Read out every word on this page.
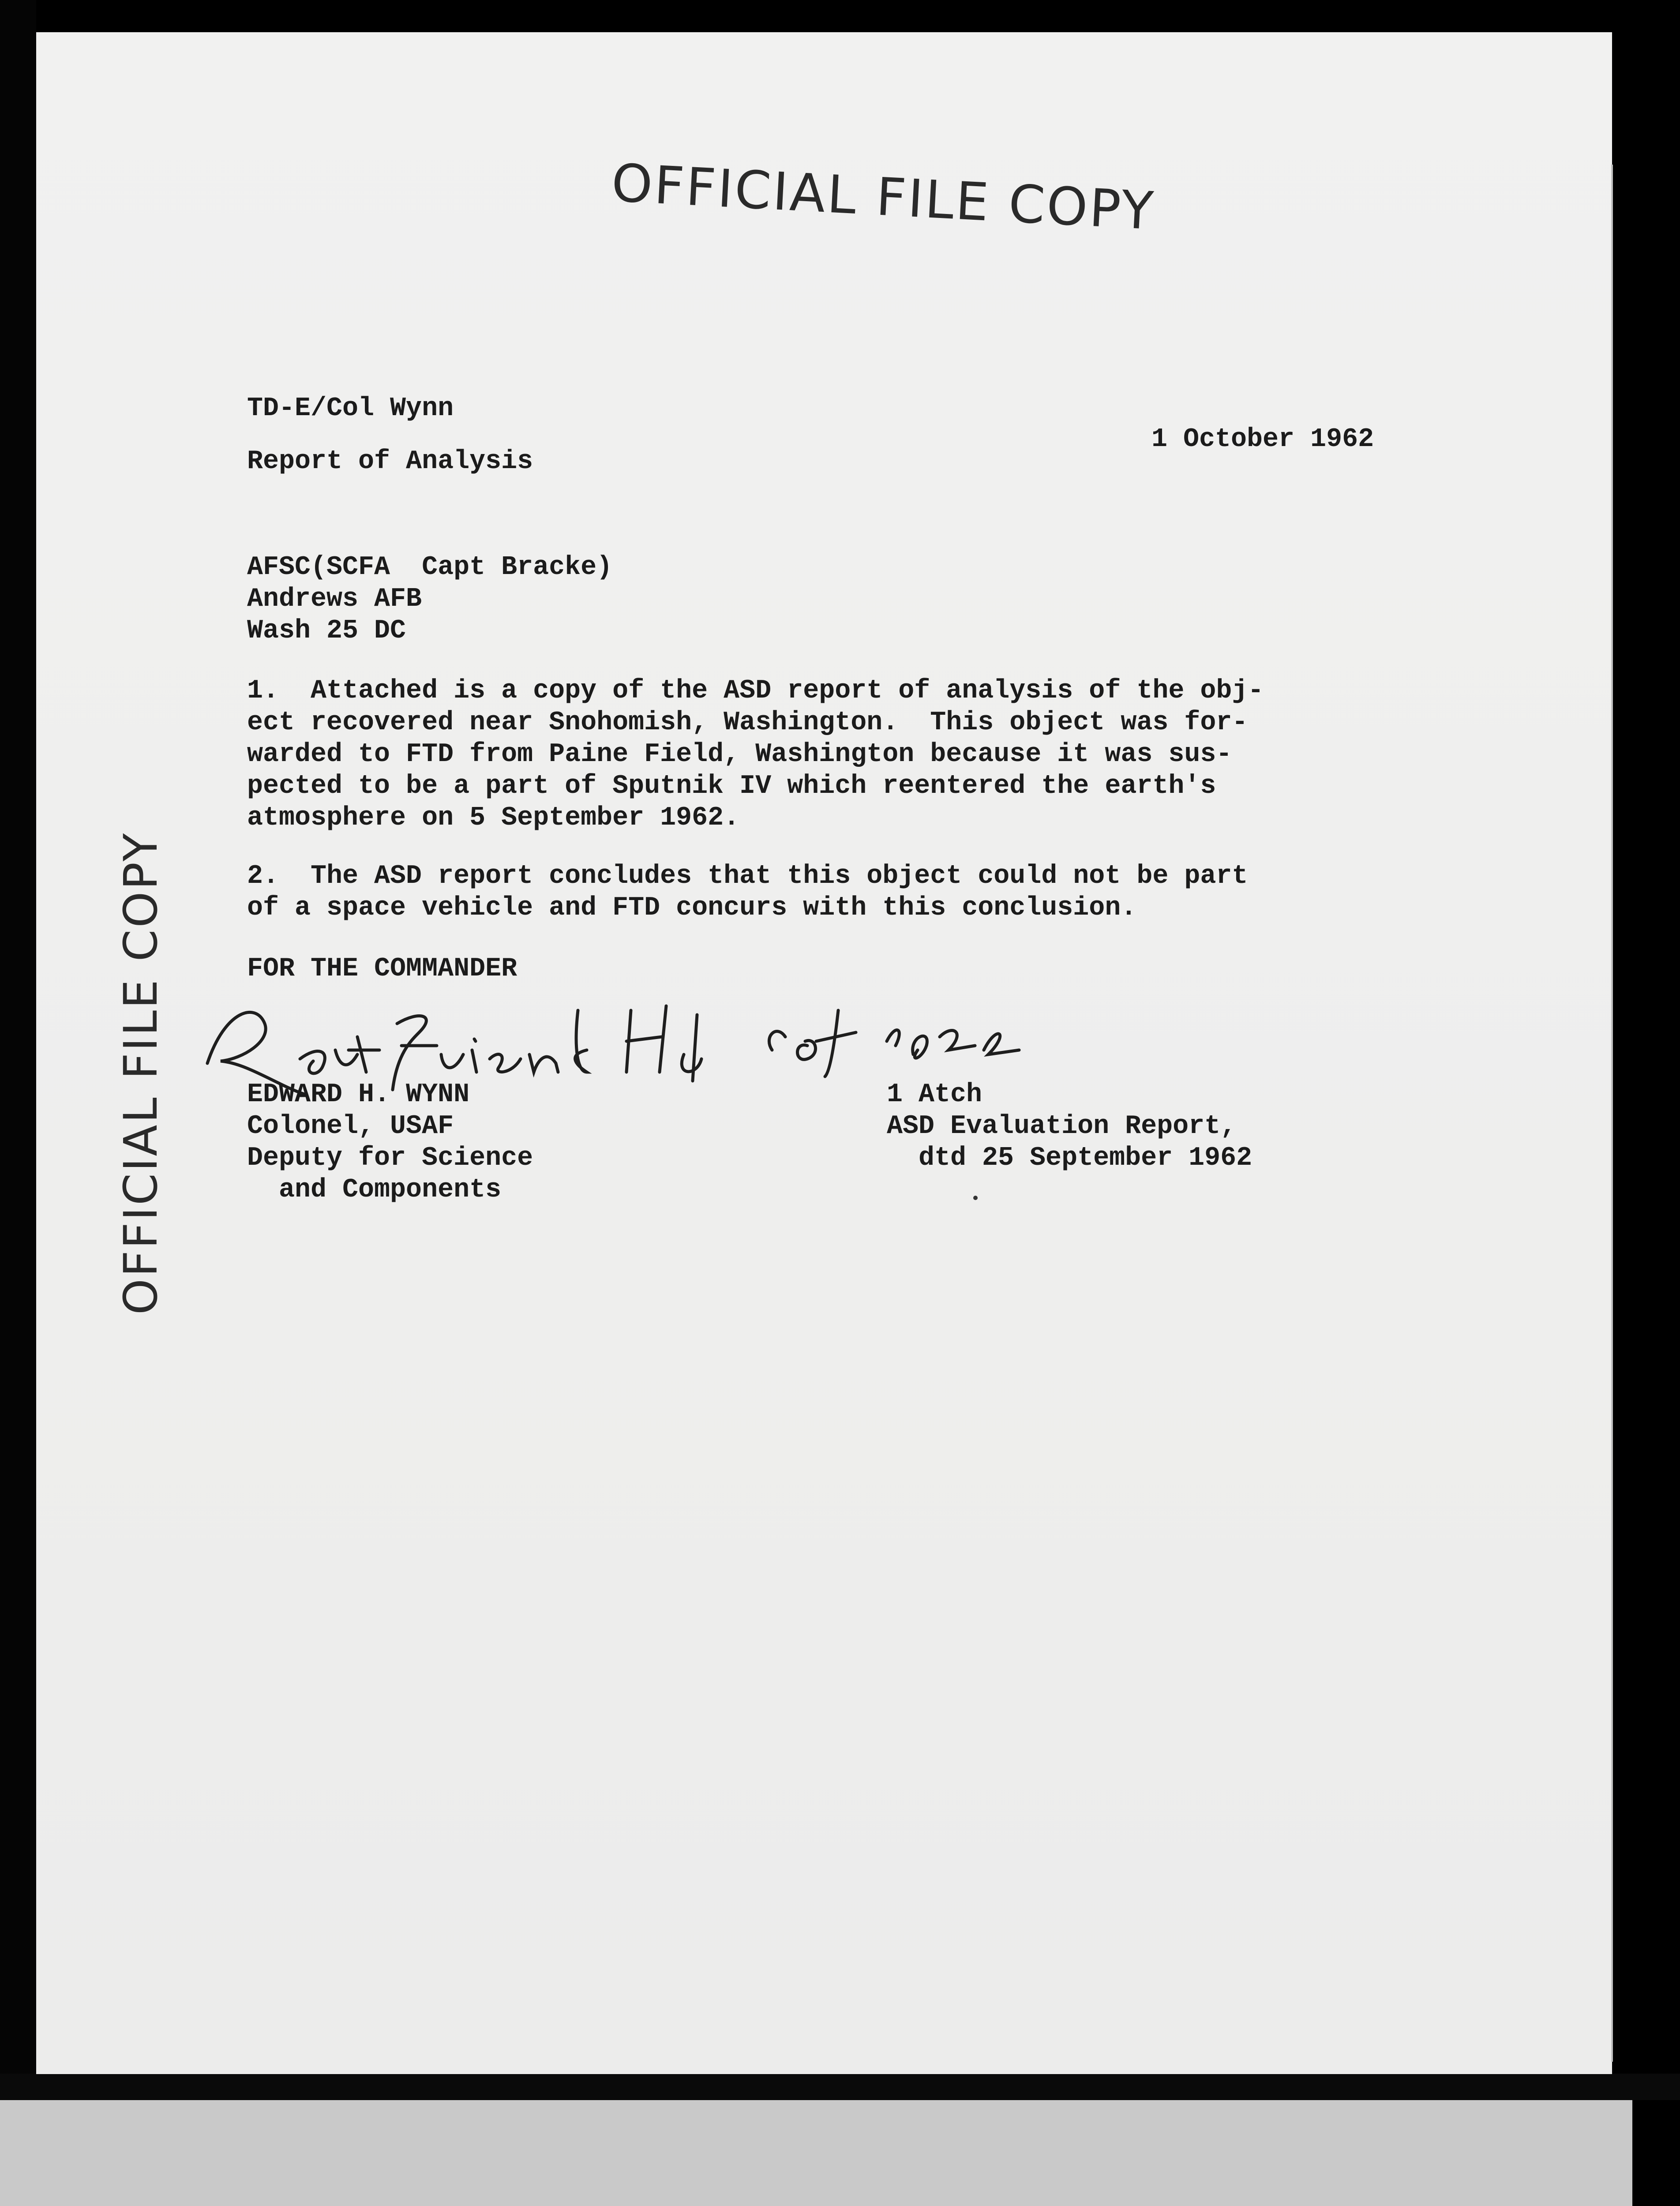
OFFICIAL FILE COPY
OFFICIAL FILE COPY
TD-E/Col Wynn
Report of Analysis
1 October 1962
AFSC(SCFA  Capt Bracke)
Andrews AFB
Wash 25 DC
1.  Attached is a copy of the ASD report of analysis of the obj-
ect recovered near Snohomish, Washington.  This object was for-
warded to FTD from Paine Field, Washington because it was sus-
pected to be a part of Sputnik IV which reentered the earth's
atmosphere on 5 September 1962.
2.  The ASD report concludes that this object could not be part
of a space vehicle and FTD concurs with this conclusion.
FOR THE COMMANDER
EDWARD H. WYNN
Colonel, USAF
Deputy for Science
and Components
1 Atch
ASD Evaluation Report,
dtd 25 September 1962
